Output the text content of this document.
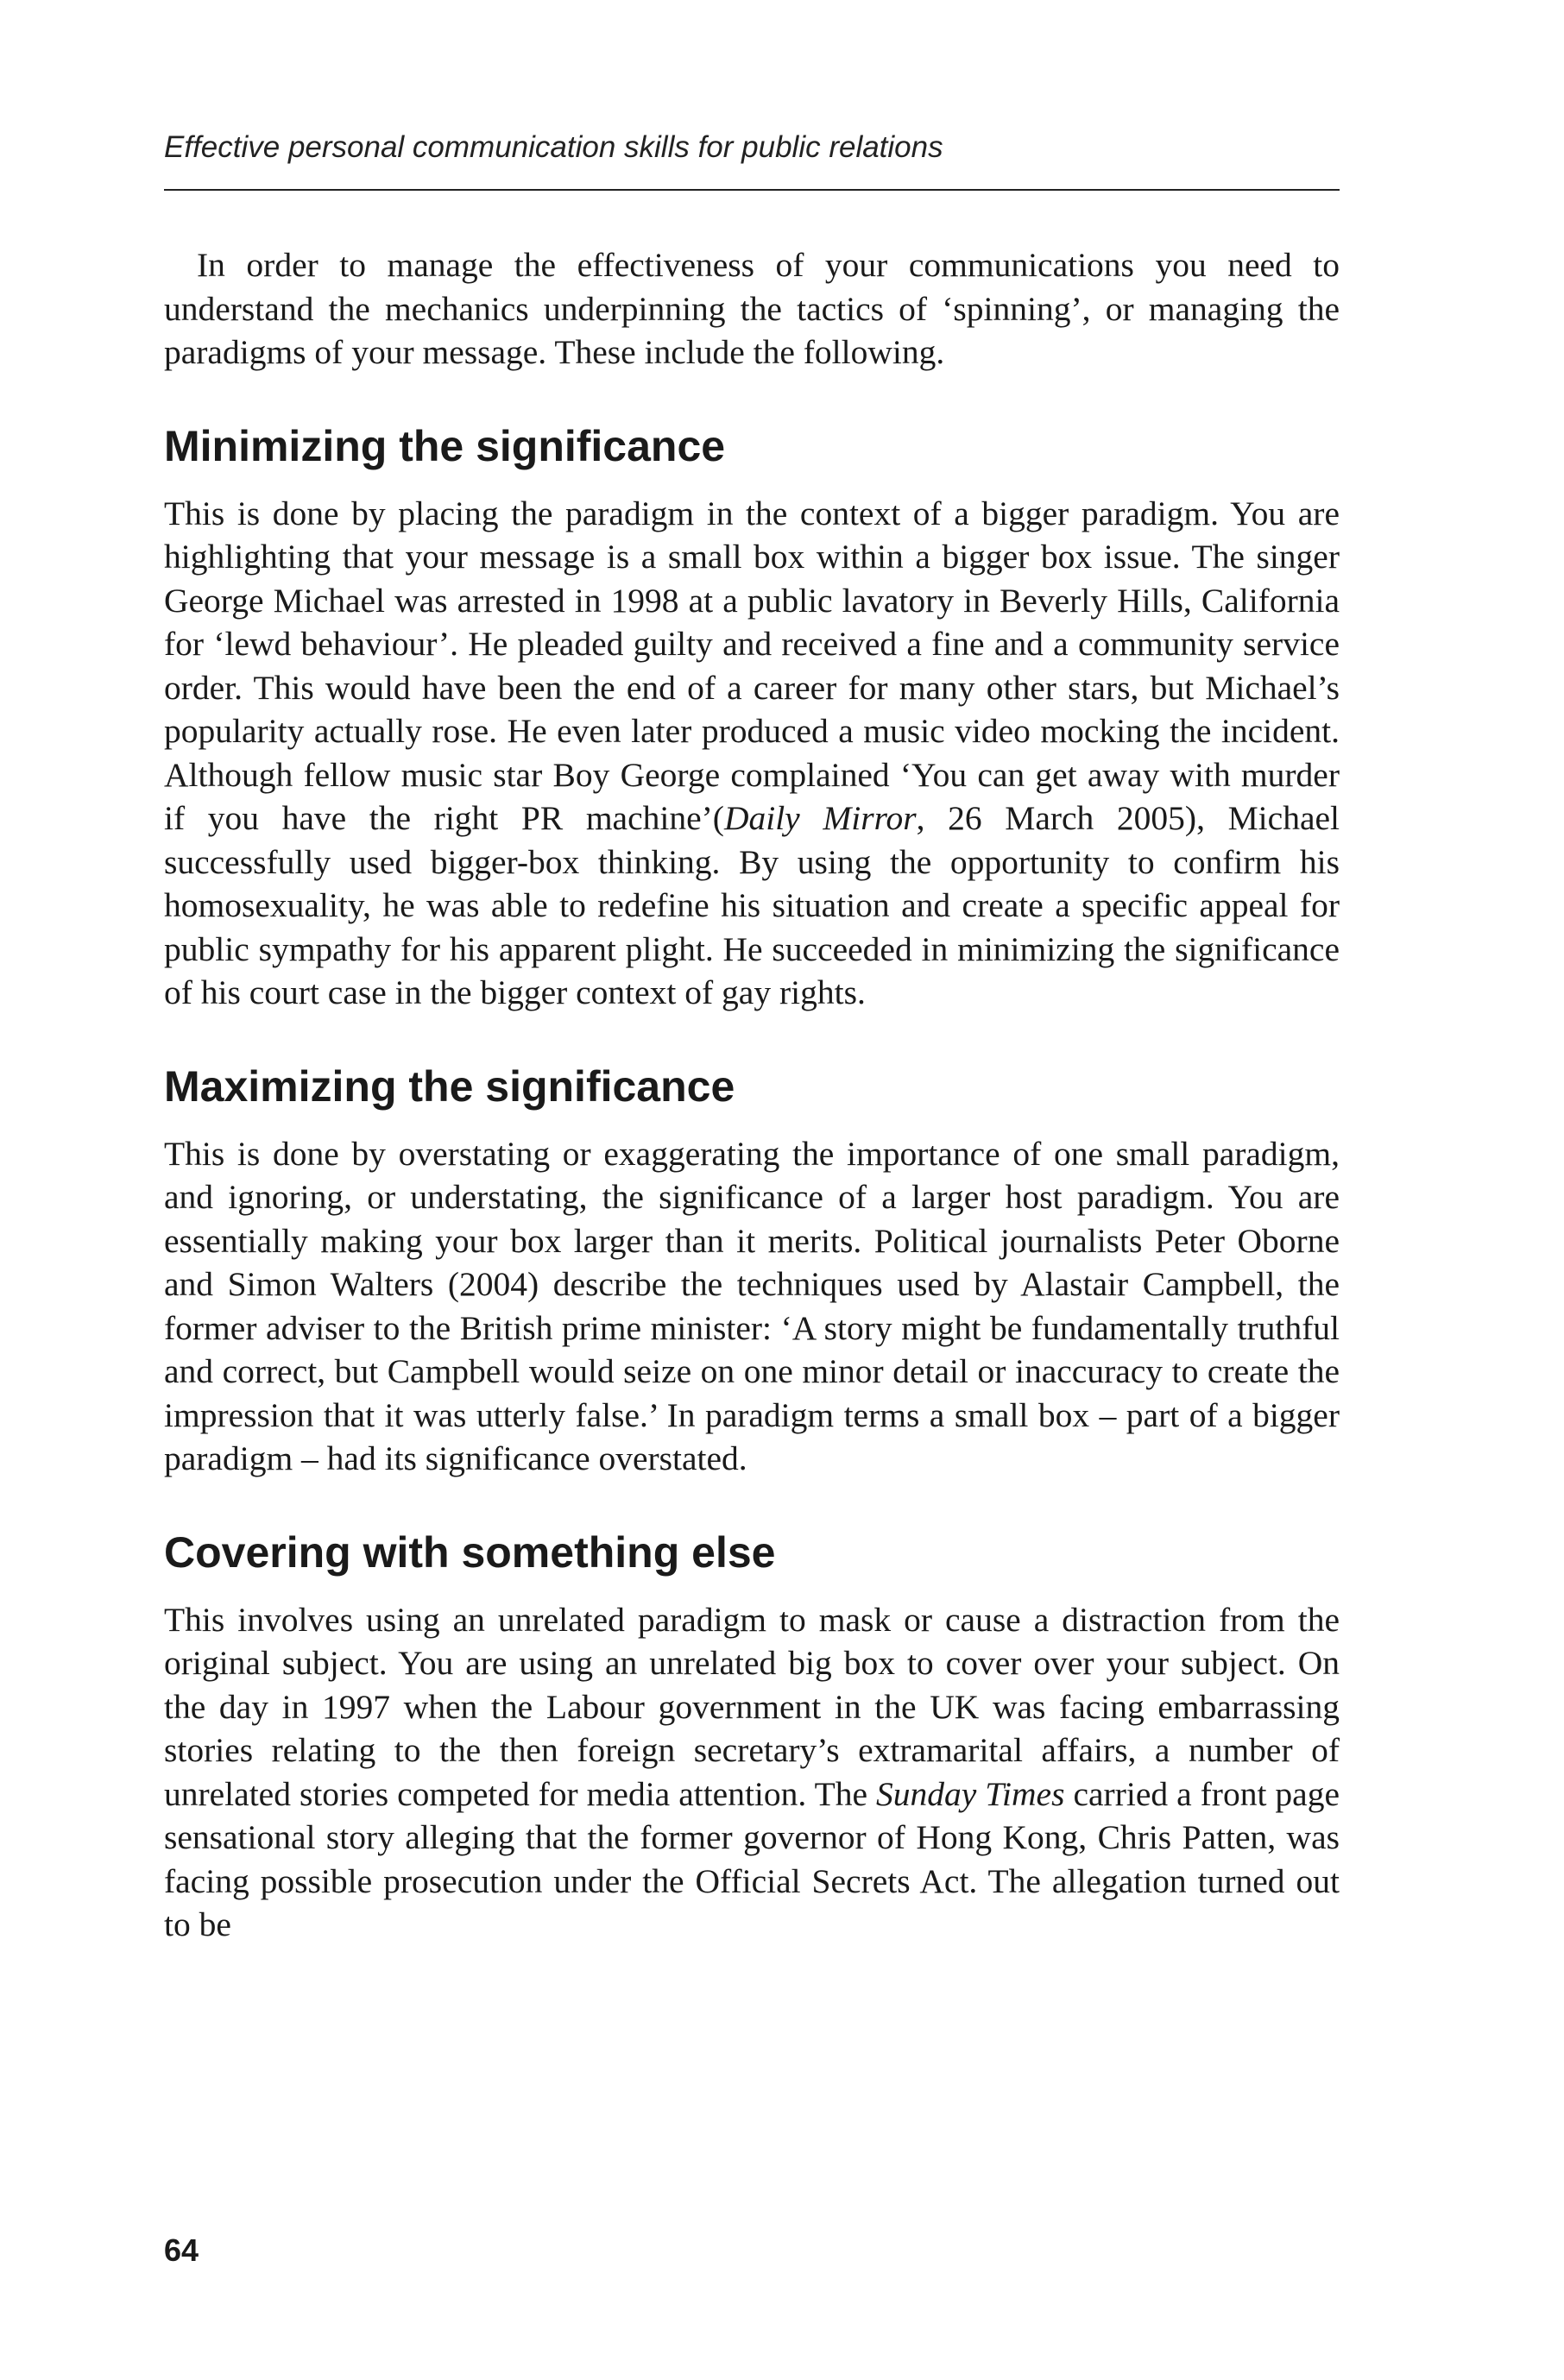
Effective personal communication skills for public relations

In order to manage the effectiveness of your communications you need to understand the mechanics underpinning the tactics of ‘spinning’, or managing the paradigms of your message. These include the following.

Minimizing the significance

This is done by placing the paradigm in the context of a bigger paradigm. You are highlighting that your message is a small box within a bigger box issue. The singer George Michael was arrested in 1998 at a public lavatory in Beverly Hills, California for ‘lewd behaviour’. He pleaded guilty and received a fine and a community service order. This would have been the end of a career for many other stars, but Michael’s popularity actually rose. He even later produced a music video mocking the incident. Although fellow music star Boy George complained ‘You can get away with murder if you have the right PR machine’(Daily Mirror, 26 March 2005), Michael successfully used bigger-box thinking. By using the opportunity to confirm his homosexuality, he was able to redefine his situation and create a specific appeal for public sympathy for his apparent plight. He succeeded in minimizing the significance of his court case in the bigger context of gay rights.

Maximizing the significance

This is done by overstating or exaggerating the importance of one small paradigm, and ignoring, or understating, the significance of a larger host paradigm. You are essentially making your box larger than it merits. Political journalists Peter Oborne and Simon Walters (2004) describe the techniques used by Alastair Campbell, the former adviser to the British prime minister: ‘A story might be fundamentally truthful and correct, but Campbell would seize on one minor detail or inaccuracy to create the impression that it was utterly false.’ In paradigm terms a small box – part of a bigger paradigm – had its significance overstated.

Covering with something else

This involves using an unrelated paradigm to mask or cause a distraction from the original subject. You are using an unrelated big box to cover over your subject. On the day in 1997 when the Labour government in the UK was facing embarrassing stories relating to the then foreign secretary’s extramarital affairs, a number of unrelated stories competed for media attention. The Sunday Times carried a front page sensational story alleging that the former governor of Hong Kong, Chris Patten, was facing possible prosecution under the Official Secrets Act. The allegation turned out to be

64
